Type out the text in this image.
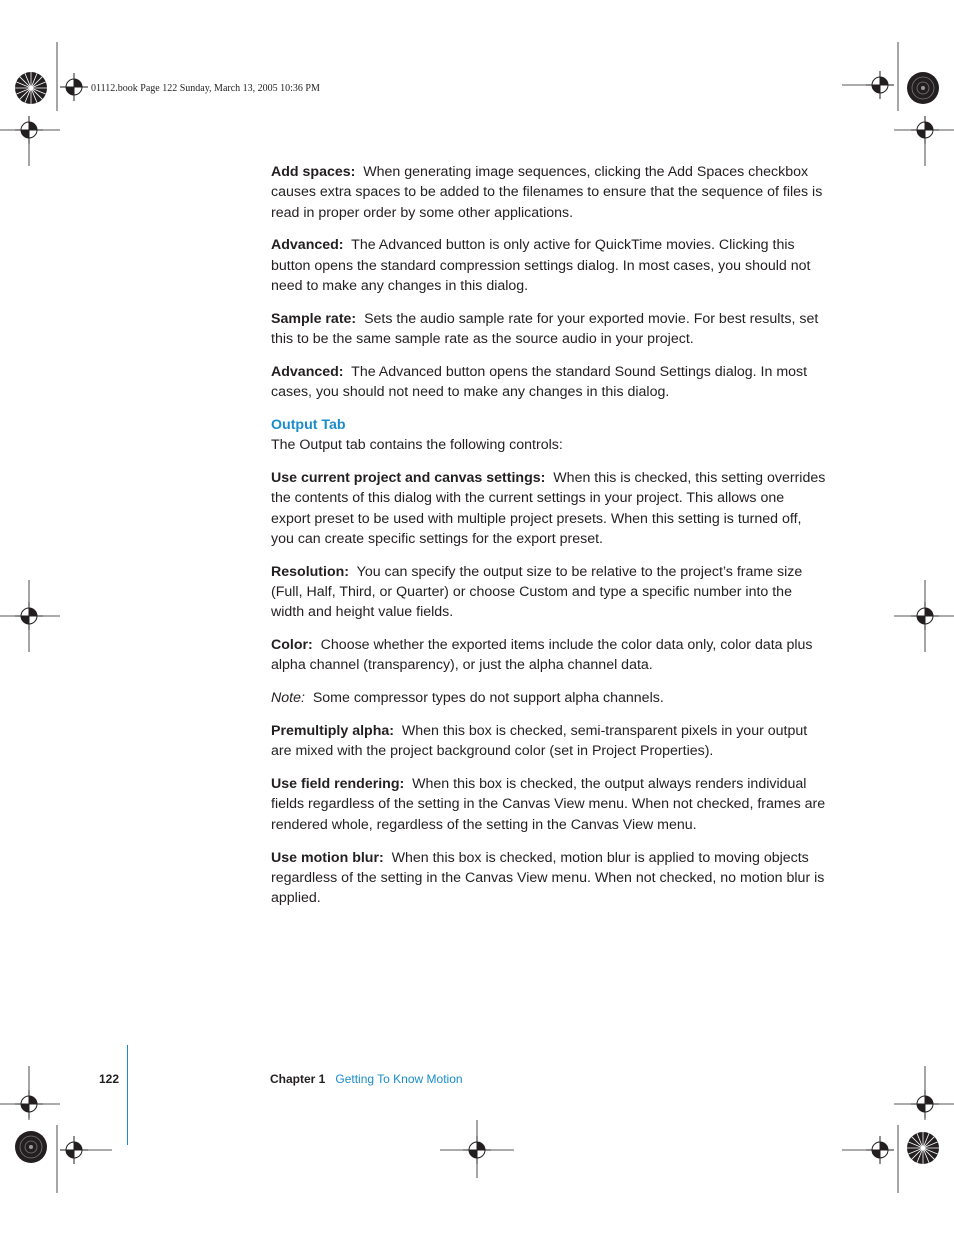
01112.book Page 122 Sunday, March 13, 2005 10:36 PM

Add spaces: When generating image sequences, clicking the Add Spaces checkbox causes extra spaces to be added to the filenames to ensure that the sequence of files is read in proper order by some other applications.

Advanced: The Advanced button is only active for QuickTime movies. Clicking this button opens the standard compression settings dialog. In most cases, you should not need to make any changes in this dialog.

Sample rate: Sets the audio sample rate for your exported movie. For best results, set this to be the same sample rate as the source audio in your project.

Advanced: The Advanced button opens the standard Sound Settings dialog. In most cases, you should not need to make any changes in this dialog.

Output Tab

The Output tab contains the following controls:

Use current project and canvas settings: When this is checked, this setting overrides the contents of this dialog with the current settings in your project. This allows one export preset to be used with multiple project presets. When this setting is turned off, you can create specific settings for the export preset.

Resolution: You can specify the output size to be relative to the project’s frame size (Full, Half, Third, or Quarter) or choose Custom and type a specific number into the width and height value fields.

Color: Choose whether the exported items include the color data only, color data plus alpha channel (transparency), or just the alpha channel data.

Note: Some compressor types do not support alpha channels.

Premultiply alpha: When this box is checked, semi-transparent pixels in your output are mixed with the project background color (set in Project Properties).

Use field rendering: When this box is checked, the output always renders individual fields regardless of the setting in the Canvas View menu. When not checked, frames are rendered whole, regardless of the setting in the Canvas View menu.

Use motion blur: When this box is checked, motion blur is applied to moving objects regardless of the setting in the Canvas View menu. When not checked, no motion blur is applied.

122	Chapter 1 Getting To Know Motion
